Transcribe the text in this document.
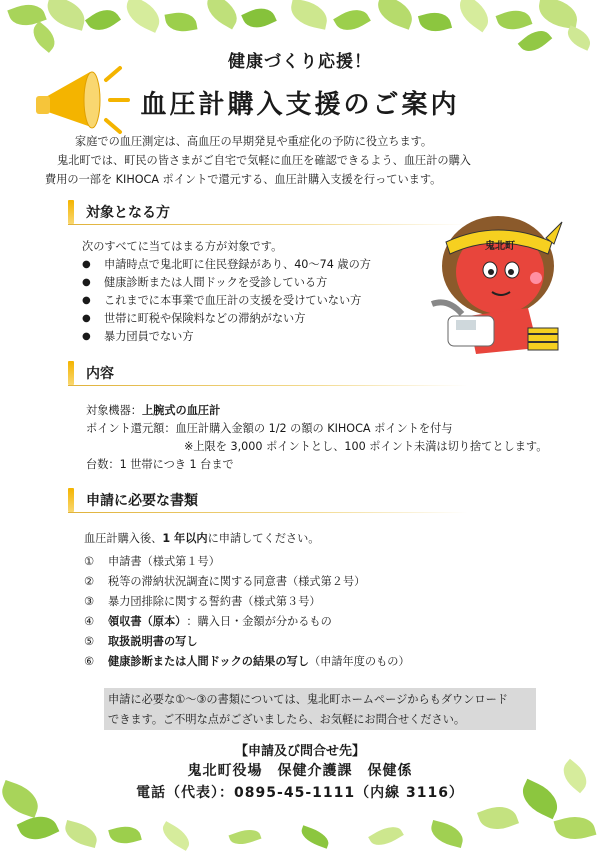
健康づくり応援！
血圧計購入支援のご案内

家庭での血圧測定は、高血圧の早期発見や重症化の予防に役立ちます。

鬼北町では、町民の皆さまがご自宅で気軽に血圧を確認できるよう、血圧計の購入

費用の一部を KIHOCA ポイントで還元する、血圧計購入支援を行っています。

対象となる方

次のすべてに当てはまる方が対象です。

● 申請時点で鬼北町に住民登録があり、40～74 歳の方
● 健康診断または人間ドックを受診している方
● これまでに本事業で血圧計の支援を受けていない方
● 世帯に町税や保険料などの滞納がない方
● 暴力団員でない方
鬼北町
内容

対象機器：上腕式の血圧計

ポイント還元額：血圧計購入金額の 1/2 の額の KIHOCA ポイントを付与

※上限を 3,000 ポイントとし、100 ポイント未満は切り捨てとします。

台数：1 世帯につき 1 台まで

申請に必要な書類

血圧計購入後、1 年以内に申請してください。

①	申請書（様式第１号）
②	税等の滞納状況調査に関する同意書（様式第２号）
③	暴力団排除に関する誓約書（様式第３号）
④	領収書（原本） ：購入日・金額が分かるもの
⑤	取扱説明書の写し
⑥	健康診断または人間ドックの結果の写し （申請年度のもの）
申請に必要な①～③の書類については、鬼北町ホームページからもダウンロード
できます。ご不明な点がございましたら、お気軽にお問合せください。
【申請及び問合せ先】
鬼北町役場　保健介護課　保健係
電話（代表）：0895-45-1111（内線 3116）
